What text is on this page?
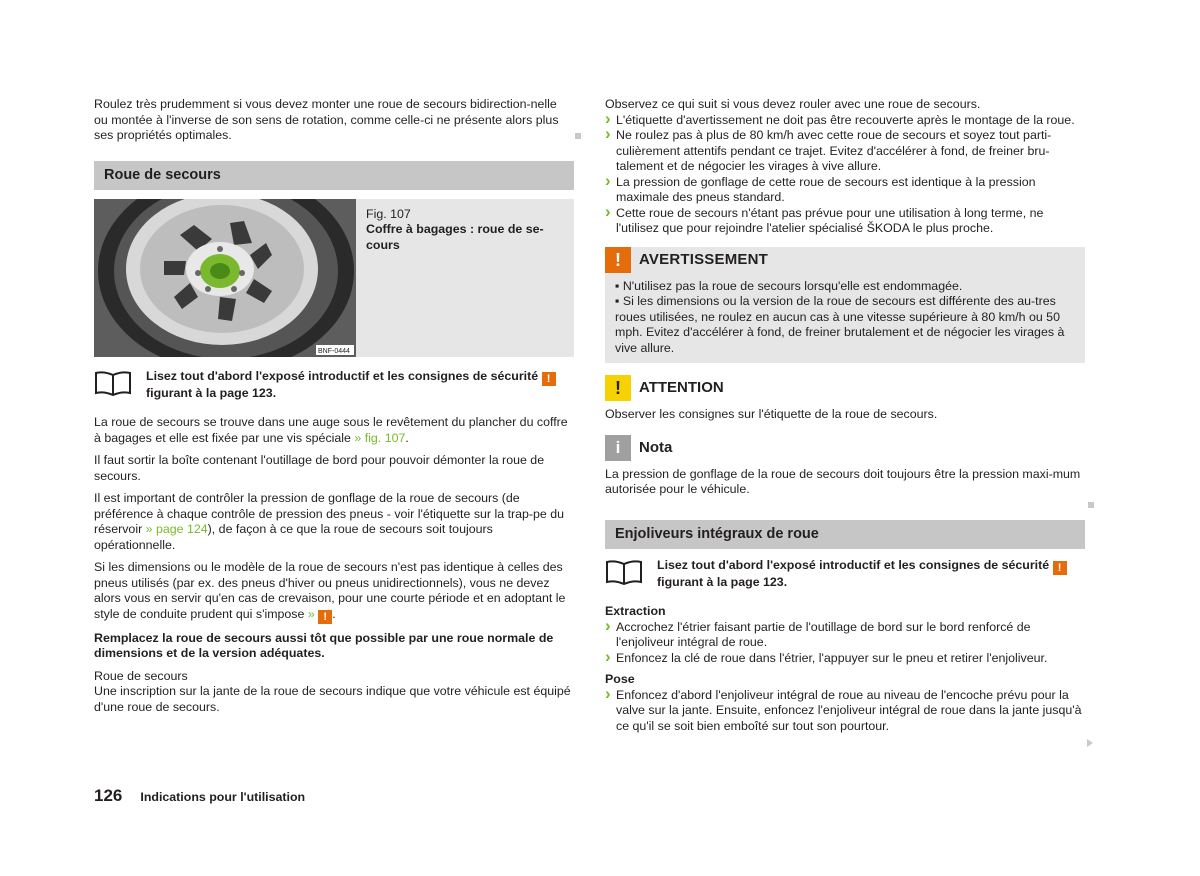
Roulez très prudemment si vous devez monter une roue de secours bidirection-nelle ou montée à l'inverse de son sens de rotation, comme celle-ci ne présente alors plus ses propriétés optimales.

Roue de secours
BNF-0444
Fig. 107
Coffre à bagages : roue de se-cours
Lisez tout d'abord l'exposé introductif et les consignes de sécurité !
figurant à la page 123.

La roue de secours se trouve dans une auge sous le revêtement du plancher du coffre à bagages et elle est fixée par une vis spéciale » fig. 107.

Il faut sortir la boîte contenant l'outillage de bord pour pouvoir démonter la roue de secours.

Il est important de contrôler la pression de gonflage de la roue de secours (de préférence à chaque contrôle de pression des pneus - voir l'étiquette sur la trap-pe du réservoir » page 124), de façon à ce que la roue de secours soit toujours opérationnelle.

Si les dimensions ou le modèle de la roue de secours n'est pas identique à celles des pneus utilisés (par ex. des pneus d'hiver ou pneus unidirectionnels), vous ne devez alors vous en servir qu'en cas de crevaison, pour une courte période et en adoptant le style de conduite prudent qui s'impose » ! .

Remplacez la roue de secours aussi tôt que possible par une roue normale de dimensions et de la version adéquates.

Roue de secours

Une inscription sur la jante de la roue de secours indique que votre véhicule est équipé d'une roue de secours.

Observez ce qui suit si vous devez rouler avec une roue de secours.
› L'étiquette d'avertissement ne doit pas être recouverte après le montage de la roue.
› Ne roulez pas à plus de 80 km/h avec cette roue de secours et soyez tout parti-culièrement attentifs pendant ce trajet. Evitez d'accélérer à fond, de freiner bru-talement et de négocier les virages à vive allure.
› La pression de gonflage de cette roue de secours est identique à la pression maximale des pneus standard.
› Cette roue de secours n'étant pas prévue pour une utilisation à long terme, ne l'utilisez que pour rejoindre l'atelier spécialisé ŠKODA le plus proche.
!	AVERTISSEMENT
▪ N'utilisez pas la roue de secours lorsqu'elle est endommagée.
▪ Si les dimensions ou la version de la roue de secours est différente des au-tres roues utilisées, ne roulez en aucun cas à une vitesse supérieure à 80 km/h ou 50 mph. Evitez d'accélérer à fond, de freiner brutalement et de négocier les virages à vive allure.
!	ATTENTION

Observer les consignes sur l'étiquette de la roue de secours.

i	Nota

La pression de gonflage de la roue de secours doit toujours être la pression maxi-mum autorisée pour le véhicule.

Enjoliveurs intégraux de roue
Lisez tout d'abord l'exposé introductif et les consignes de sécurité !
figurant à la page 123.
Extraction
› Accrochez l'étrier faisant partie de l'outillage de bord sur le bord renforcé de l'enjoliveur intégral de roue.
› Enfoncez la clé de roue dans l'étrier, l'appuyer sur le pneu et retirer l'enjoliveur.
Pose
› Enfoncez d'abord l'enjoliveur intégral de roue au niveau de l'encoche prévu pour la valve sur la jante. Ensuite, enfoncez l'enjoliveur intégral de roue dans la jante jusqu'à ce qu'il se soit bien emboîté sur tout son pourtour.
126 Indications pour l'utilisation
